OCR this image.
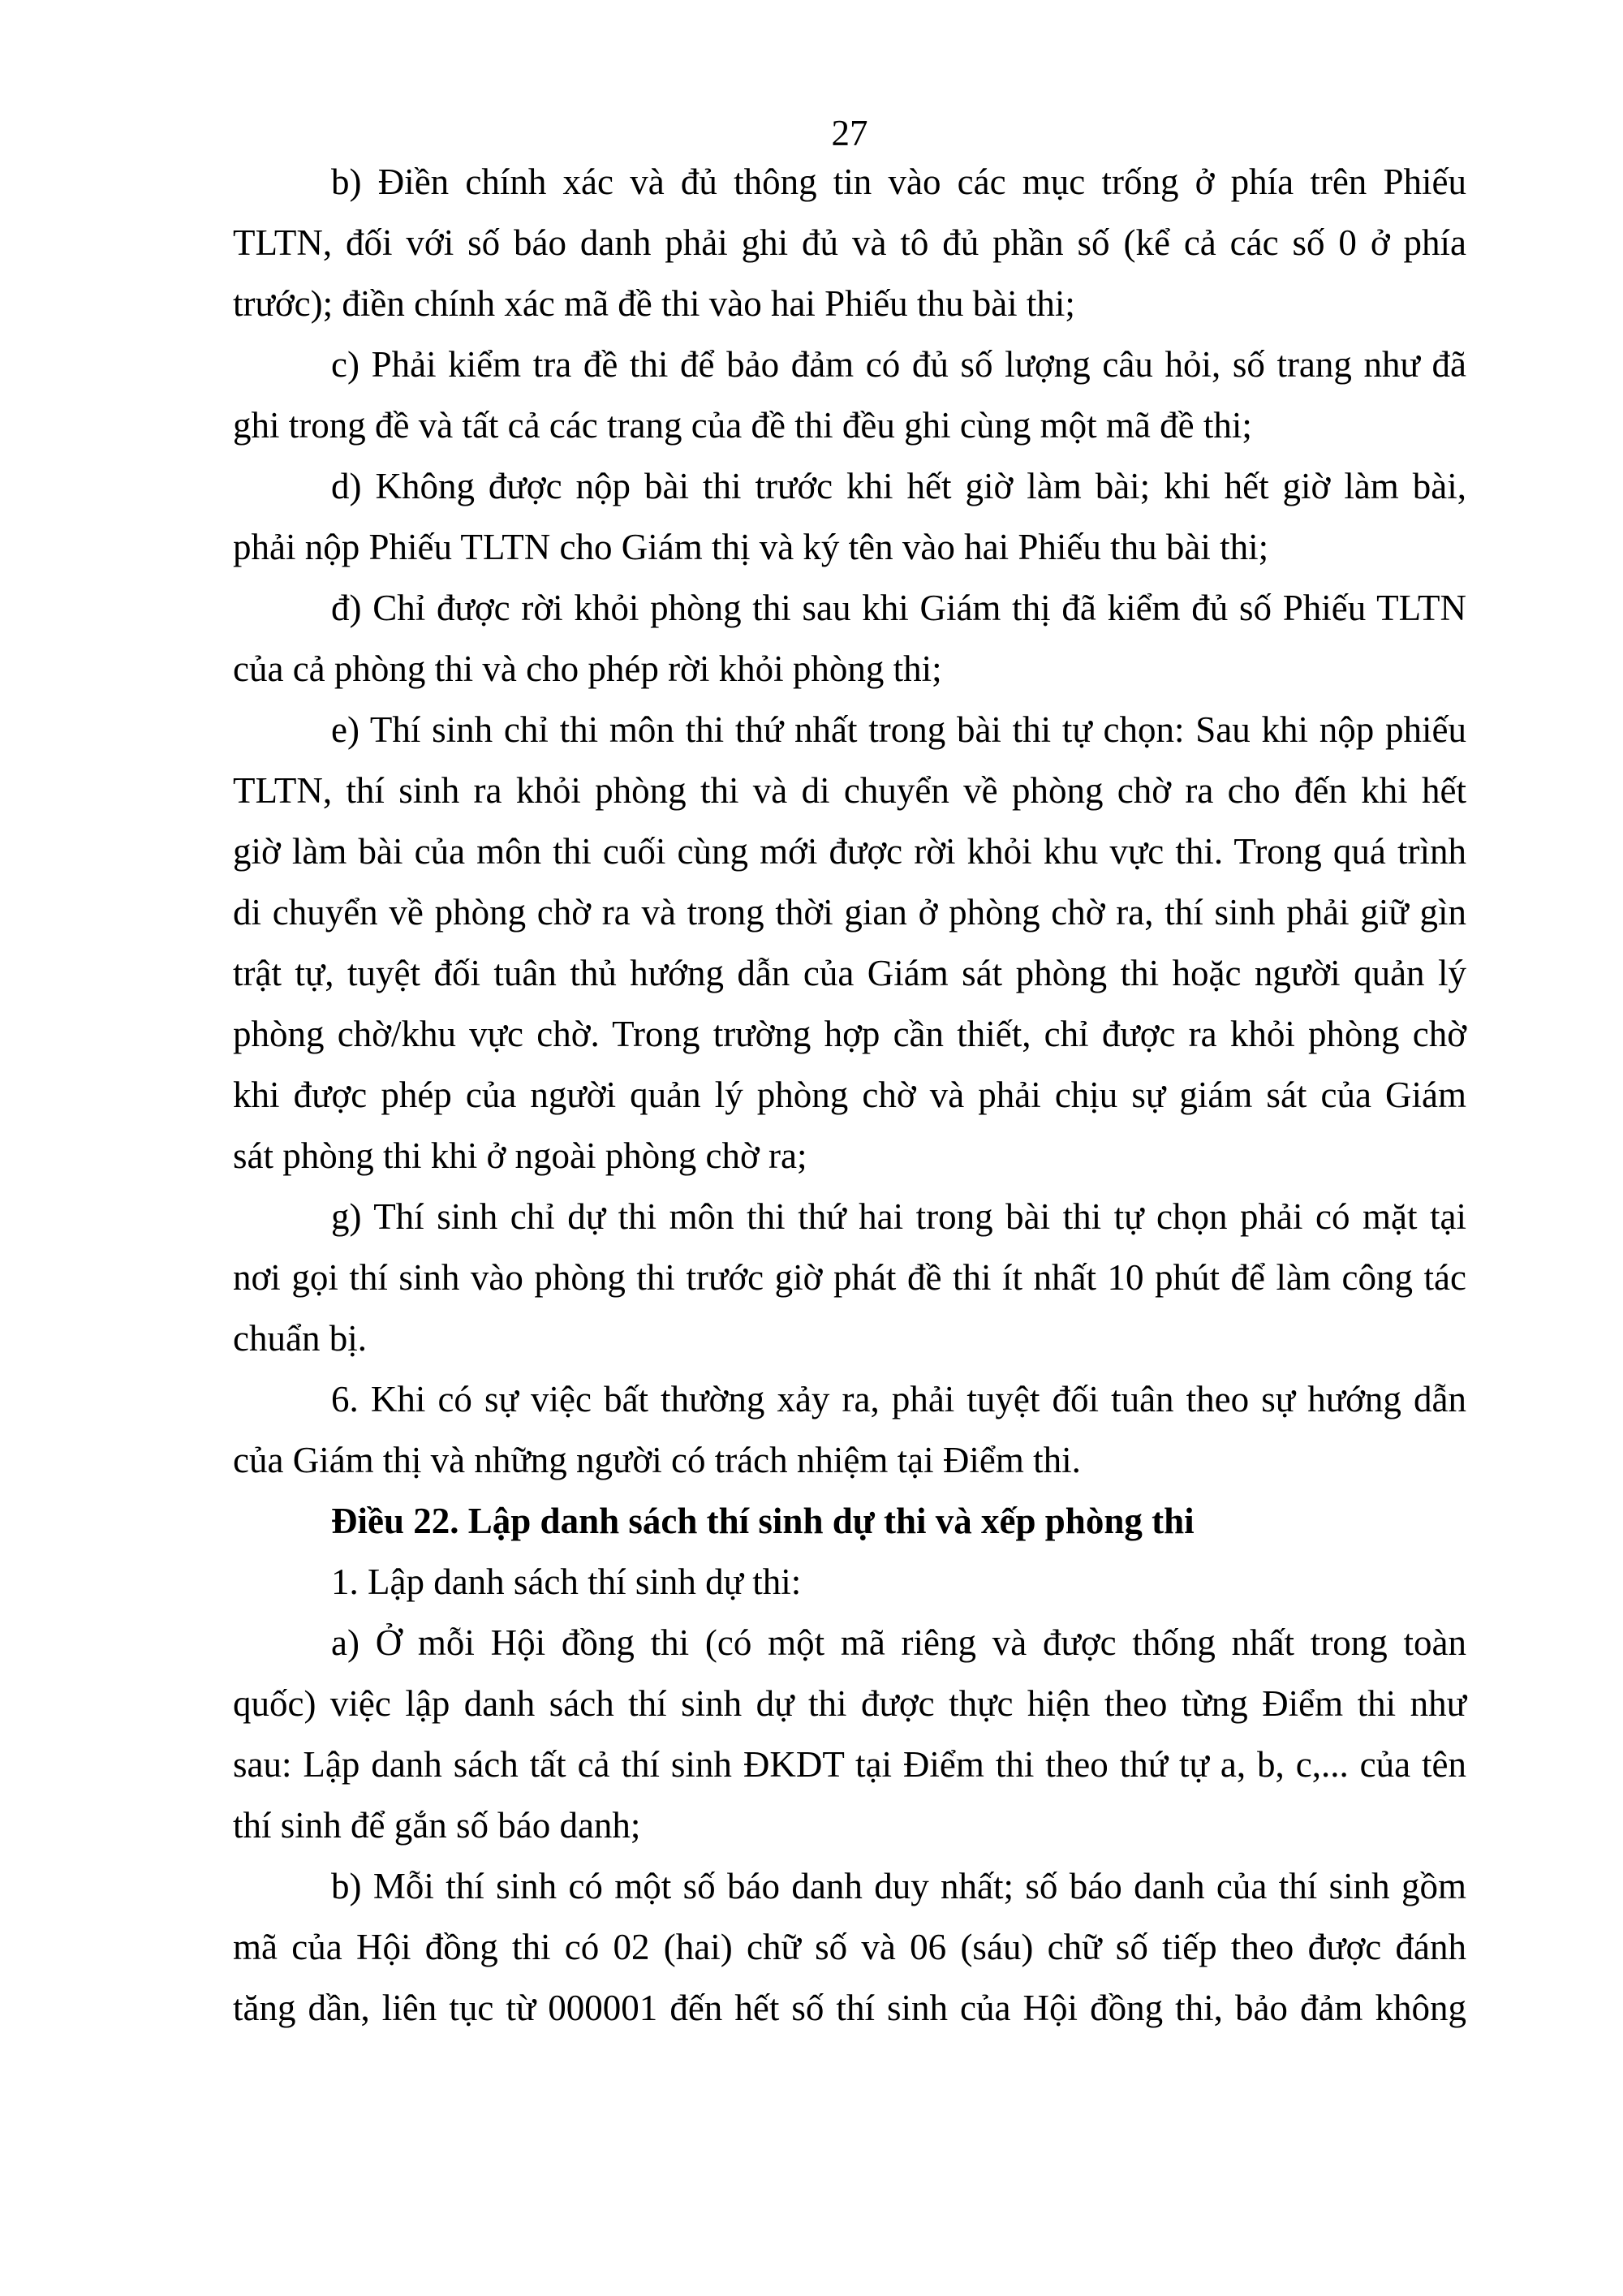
27

b) Điền chính xác và đủ thông tin vào các mục trống ở phía trên Phiếu
TLTN, đối với số báo danh phải ghi đủ và tô đủ phần số (kể cả các số 0 ở phía
trước); điền chính xác mã đề thi vào hai Phiếu thu bài thi;

c) Phải kiểm tra đề thi để bảo đảm có đủ số lượng câu hỏi, số trang như đã
ghi trong đề và tất cả các trang của đề thi đều ghi cùng một mã đề thi;

d) Không được nộp bài thi trước khi hết giờ làm bài; khi hết giờ làm bài,
phải nộp Phiếu TLTN cho Giám thị và ký tên vào hai Phiếu thu bài thi;

đ) Chỉ được rời khỏi phòng thi sau khi Giám thị đã kiểm đủ số Phiếu TLTN
của cả phòng thi và cho phép rời khỏi phòng thi;

e) Thí sinh chỉ thi môn thi thứ nhất trong bài thi tự chọn: Sau khi nộp phiếu
TLTN, thí sinh ra khỏi phòng thi và di chuyển về phòng chờ ra cho đến khi hết
giờ làm bài của môn thi cuối cùng mới được rời khỏi khu vực thi. Trong quá trình
di chuyển về phòng chờ ra và trong thời gian ở phòng chờ ra, thí sinh phải giữ gìn
trật tự, tuyệt đối tuân thủ hướng dẫn của Giám sát phòng thi hoặc người quản lý
phòng chờ/khu vực chờ. Trong trường hợp cần thiết, chỉ được ra khỏi phòng chờ
khi được phép của người quản lý phòng chờ và phải chịu sự giám sát của Giám
sát phòng thi khi ở ngoài phòng chờ ra;

g) Thí sinh chỉ dự thi môn thi thứ hai trong bài thi tự chọn phải có mặt tại
nơi gọi thí sinh vào phòng thi trước giờ phát đề thi ít nhất 10 phút để làm công tác
chuẩn bị.

6. Khi có sự việc bất thường xảy ra, phải tuyệt đối tuân theo sự hướng dẫn
của Giám thị và những người có trách nhiệm tại Điểm thi.

Điều 22. Lập danh sách thí sinh dự thi và xếp phòng thi

1. Lập danh sách thí sinh dự thi:

a) Ở mỗi Hội đồng thi (có một mã riêng và được thống nhất trong toàn
quốc) việc lập danh sách thí sinh dự thi được thực hiện theo từng Điểm thi như
sau: Lập danh sách tất cả thí sinh ĐKDT tại Điểm thi theo thứ tự a, b, c,... của tên
thí sinh để gắn số báo danh;

b) Mỗi thí sinh có một số báo danh duy nhất; số báo danh của thí sinh gồm
mã của Hội đồng thi có 02 (hai) chữ số và 06 (sáu) chữ số tiếp theo được đánh
tăng dần, liên tục từ 000001 đến hết số thí sinh của Hội đồng thi, bảo đảm không
